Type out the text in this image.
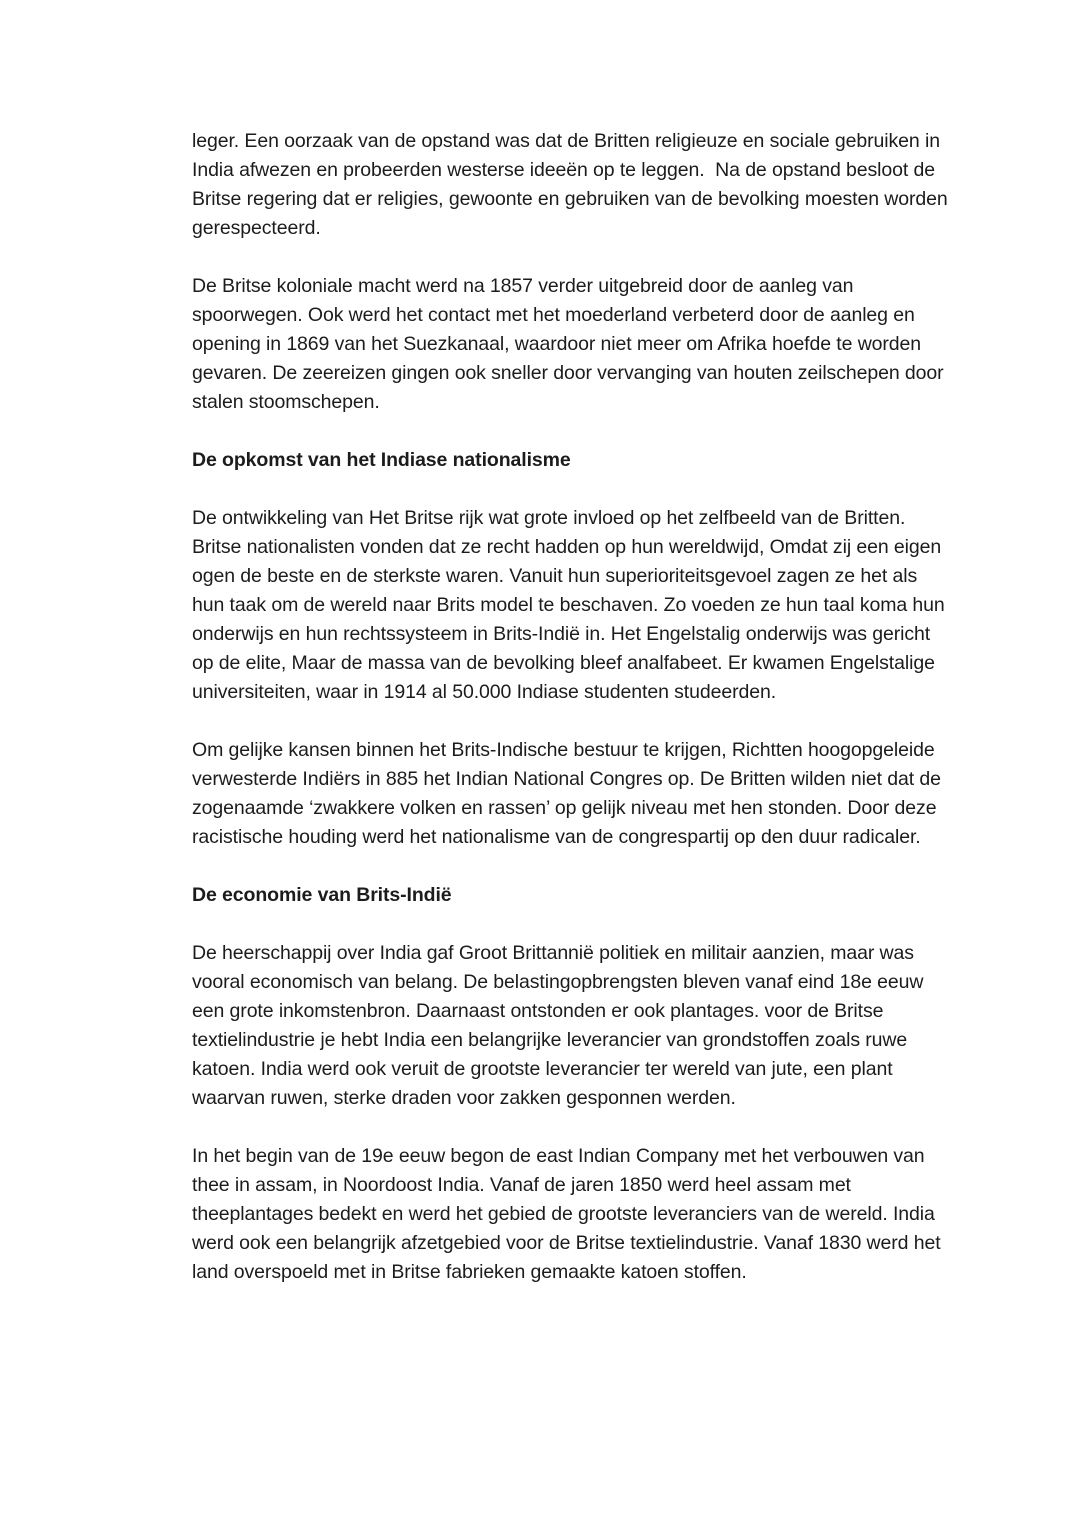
leger. Een oorzaak van de opstand was dat de Britten religieuze en sociale gebruiken in India afwezen en probeerden westerse ideeën op te leggen.  Na de opstand besloot de Britse regering dat er religies, gewoonte en gebruiken van de bevolking moesten worden gerespecteerd.

De Britse koloniale macht werd na 1857 verder uitgebreid door de aanleg van spoorwegen. Ook werd het contact met het moederland verbeterd door de aanleg en opening in 1869 van het Suezkanaal, waardoor niet meer om Afrika hoefde te worden gevaren. De zeereizen gingen ook sneller door vervanging van houten zeilschepen door stalen stoomschepen.

De opkomst van het Indiase nationalisme

De ontwikkeling van Het Britse rijk wat grote invloed op het zelfbeeld van de Britten. Britse nationalisten vonden dat ze recht hadden op hun wereldwijd, Omdat zij een eigen ogen de beste en de sterkste waren. Vanuit hun superioriteitsgevoel zagen ze het als hun taak om de wereld naar Brits model te beschaven. Zo voeden ze hun taal koma hun onderwijs en hun rechtssysteem in Brits-Indië in. Het Engelstalig onderwijs was gericht op de elite, Maar de massa van de bevolking bleef analfabeet. Er kwamen Engelstalige universiteiten, waar in 1914 al 50.000 Indiase studenten studeerden.

Om gelijke kansen binnen het Brits-Indische bestuur te krijgen, Richtten hoogopgeleide verwesterde Indiërs in 885 het Indian National Congres op. De Britten wilden niet dat de zogenaamde ‘zwakkere volken en rassen’ op gelijk niveau met hen stonden. Door deze racistische houding werd het nationalisme van de congrespartij op den duur radicaler.

De economie van Brits-Indië

De heerschappij over India gaf Groot Brittannië politiek en militair aanzien, maar was vooral economisch van belang. De belastingopbrengsten bleven vanaf eind 18e eeuw een grote inkomstenbron. Daarnaast ontstonden er ook plantages. voor de Britse textielindustrie je hebt India een belangrijke leverancier van grondstoffen zoals ruwe katoen. India werd ook veruit de grootste leverancier ter wereld van jute, een plant waarvan ruwen, sterke draden voor zakken gesponnen werden.

In het begin van de 19e eeuw begon de east Indian Company met het verbouwen van thee in assam, in Noordoost India. Vanaf de jaren 1850 werd heel assam met theeplantages bedekt en werd het gebied de grootste leveranciers van de wereld. India werd ook een belangrijk afzetgebied voor de Britse textielindustrie. Vanaf 1830 werd het land overspoeld met in Britse fabrieken gemaakte katoen stoffen.
